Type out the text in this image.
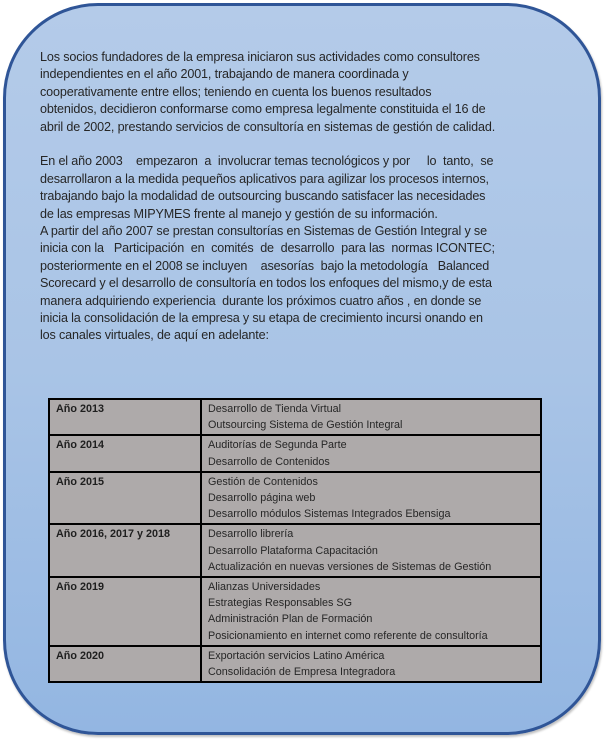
Los socios fundadores de la empresa iniciaron sus actividades como consultores

independientes en el año 2001, trabajando de manera coordinada y

cooperativamente entre ellos; teniendo en cuenta los buenos resultados

obtenidos, decidieron conformarse como empresa legalmente constituida el 16 de

abril de 2002, prestando servicios de consultoría en sistemas de gestión de calidad.

En el año 2003    empezaron  a  involucrar temas tecnológicos y por     lo  tanto,  se

desarrollaron a la medida pequeños aplicativos para agilizar los procesos internos,

trabajando bajo la modalidad de outsourcing buscando satisfacer las necesidades

de las empresas MIPYMES frente al manejo y gestión de su información.

A partir del año 2007 se prestan consultorías en Sistemas de Gestión Integral y se

inicia con la   Participación  en  comités  de  desarrollo  para las  normas ICONTEC;

posteriormente en el 2008 se incluyen    asesorías  bajo la metodología   Balanced

Scorecard y el desarrollo de consultoría en todos los enfoques del mismo,y de esta

manera adquiriendo experiencia  durante los próximos cuatro años , en donde se

inicia la consolidación de la empresa y su etapa de crecimiento incursi onando en

los canales virtuales, de aquí en adelante:

Año 2013	Desarrollo de Tienda Virtual
Outsourcing Sistema de Gestión Integral

Año 2014	Auditorías de Segunda Parte
Desarrollo de Contenidos

Año 2015	Gestión de Contenidos
Desarrollo página web
Desarrollo módulos Sistemas Integrados Ebensiga

Año 2016, 2017 y 2018	Desarrollo librería
Desarrollo Plataforma Capacitación
Actualización en nuevas versiones de Sistemas de Gestión

Año 2019	Alianzas Universidades
Estrategias Responsables SG
Administración Plan de Formación
Posicionamiento en internet como referente de consultoría

Año 2020	Exportación servicios Latino América
Consolidación de Empresa Integradora
